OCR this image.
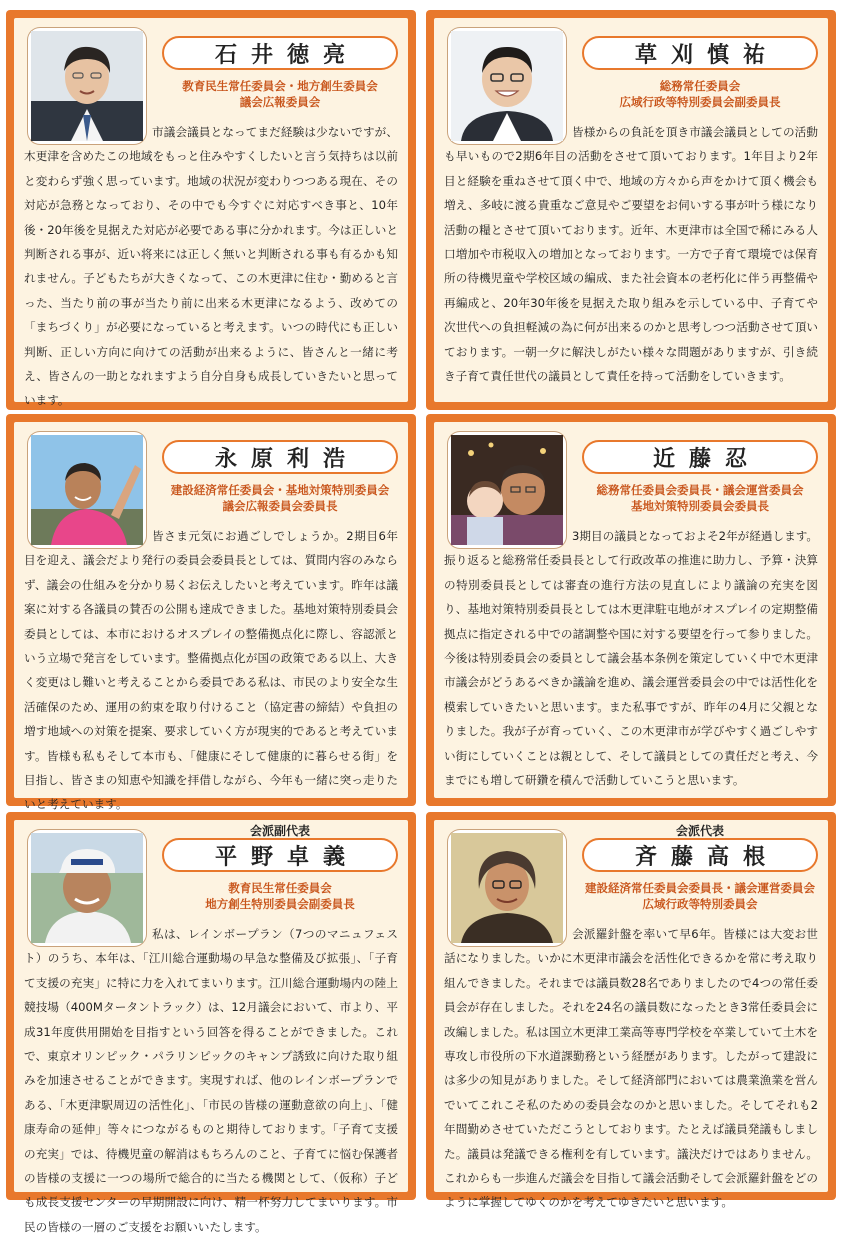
市議会議員となってまだ経験は少ないですが、木更津を含めたこの地域をもっと住みやすくしたいと言う気持ちは以前と変わらず強く思っています。地域の状況が変わりつつある現在、その対応が急務となっており、その中でも今すぐに対応すべき事と、10年後・20年後を見据えた対応が必要である事に分かれます。今は正しいと判断される事が、近い将来には正しく無いと判断される事も有るかも知れません。子どもたちが大きくなって、この木更津に住む・勤めると言った、当たり前の事が当たり前に出来る木更津になるよう、改めての「まちづくり」が必要になっていると考えます。いつの時代にも正しい判断、正しい方向に向けての活動が出来るように、皆さんと一緒に考え、皆さんの一助となれますよう自分自身も成長していきたいと思っています。
石井徳亮
教育民生常任委員会・地方創生委員会
議会広報委員会
皆様からの負託を頂き市議会議員としての活動も早いもので2期6年目の活動をさせて頂いております。1年目より2年目と経験を重ねさせて頂く中で、地域の方々から声をかけて頂く機会も増え、多岐に渡る貴重なご意見やご要望をお伺いする事が叶う様になり活動の糧とさせて頂いております。近年、木更津市は全国で稀にみる人口増加や市税収入の増加となっております。一方で子育て環境では保育所の待機児童や学校区域の編成、また社会資本の老朽化に伴う再整備や再編成と、20年30年後を見据えた取り組みを示している中、子育てや次世代への負担軽減の為に何が出来るのかと思考しつつ活動させて頂いております。一朝一夕に解決しがたい様々な問題がありますが、引き続き子育て責任世代の議員として責任を持って活動をしていきます。
草刈慎祐
総務常任委員会
広域行政等特別委員会副委員長
皆さま元気にお過ごしでしょうか。2期目6年目を迎え、議会だより発行の委員会委員長としては、質問内容のみならず、議会の仕組みを分かり易くお伝えしたいと考えています。昨年は議案に対する各議員の賛否の公開も達成できました。基地対策特別委員会委員としては、本市におけるオスプレイの整備拠点化に際し、容認派という立場で発言をしています。整備拠点化が国の政策である以上、大きく変更はし難いと考えることから委員である私は、市民のより安全な生活確保のため、運用の約束を取り付けること（協定書の締結）や負担の増す地域への対策を提案、要求していく方が現実的であると考えています。皆様も私もそして本市も、「健康にそして健康的に暮らせる街」を目指し、皆さまの知恵や知識を拝借しながら、今年も一緒に突っ走りたいと考えています。
永原利浩
建設経済常任委員会・基地対策特別委員会
議会広報委員会委員長
3期目の議員となっておよそ2年が経過します。振り返ると総務常任委員長として行政改革の推進に助力し、予算・決算の特別委員長としては審査の進行方法の見直しにより議論の充実を図り、基地対策特別委員長としては木更津駐屯地がオスプレイの定期整備拠点に指定される中での諸調整や国に対する要望を行って参りました。今後は特別委員会の委員として議会基本条例を策定していく中で木更津市議会がどうあるべきか議論を進め、議会運営委員会の中では活性化を模索していきたいと思います。また私事ですが、昨年の4月に父親となりました。我が子が育っていく、この木更津市が学びやすく過ごしやすい街にしていくことは親として、そして議員としての責任だと考え、今までにも増して研鑽を積んで活動していこうと思います。
近藤忍
総務常任委員会委員長・議会運営委員会
基地対策特別委員会委員長
私は、レインボープラン（7つのマニュフェスト）のうち、本年は、「江川総合運動場の早急な整備及び拡張」、「子育て支援の充実」に特に力を入れてまいります。江川総合運動場内の陸上競技場（400Mタータントラック）は、12月議会において、市より、平成31年度供用開始を目指すという回答を得ることができました。これで、東京オリンピック・パラリンピックのキャンプ誘致に向けた取り組みを加速させることができます。実現すれば、他のレインボープランである、「木更津駅周辺の活性化」、「市民の皆様の運動意欲の向上」、「健康寿命の延伸」等々につながるものと期待しております。「子育て支援の充実」では、待機児童の解消はもちろんのこと、子育てに悩む保護者の皆様の支援に一つの場所で総合的に当たる機関として、（仮称）子ども成長支援センターの早期開設に向け、精一杯努力してまいります。市民の皆様の一層のご支援をお願いいたします。
会派副代表
平野卓義
教育民生常任委員会
地方創生特別委員会副委員長
会派羅針盤を率いて早6年。皆様には大変お世話になりました。いかに木更津市議会を活性化できるかを常に考え取り組んできました。それまでは議員数28名でありましたので4つの常任委員会が存在しました。それを24名の議員数になったとき3常任委員会に改編しました。私は国立木更津工業高等専門学校を卒業していて土木を専攻し市役所の下水道課勤務という経歴があります。したがって建設には多少の知見がありました。そして経済部門においては農業漁業を営んでいてこれこそ私のための委員会なのかと思いました。そしてそれも2年間勤めさせていただこうとしております。たとえば議員発議もしました。議員は発議できる権利を有しています。議決だけではありません。これからも一歩進んだ議会を目指して議会活動そして会派羅針盤をどのように掌握してゆくのかを考えてゆきたいと思います。
会派代表
斉藤高根
建設経済常任委員会委員長・議会運営委員会
広域行政等特別委員会
